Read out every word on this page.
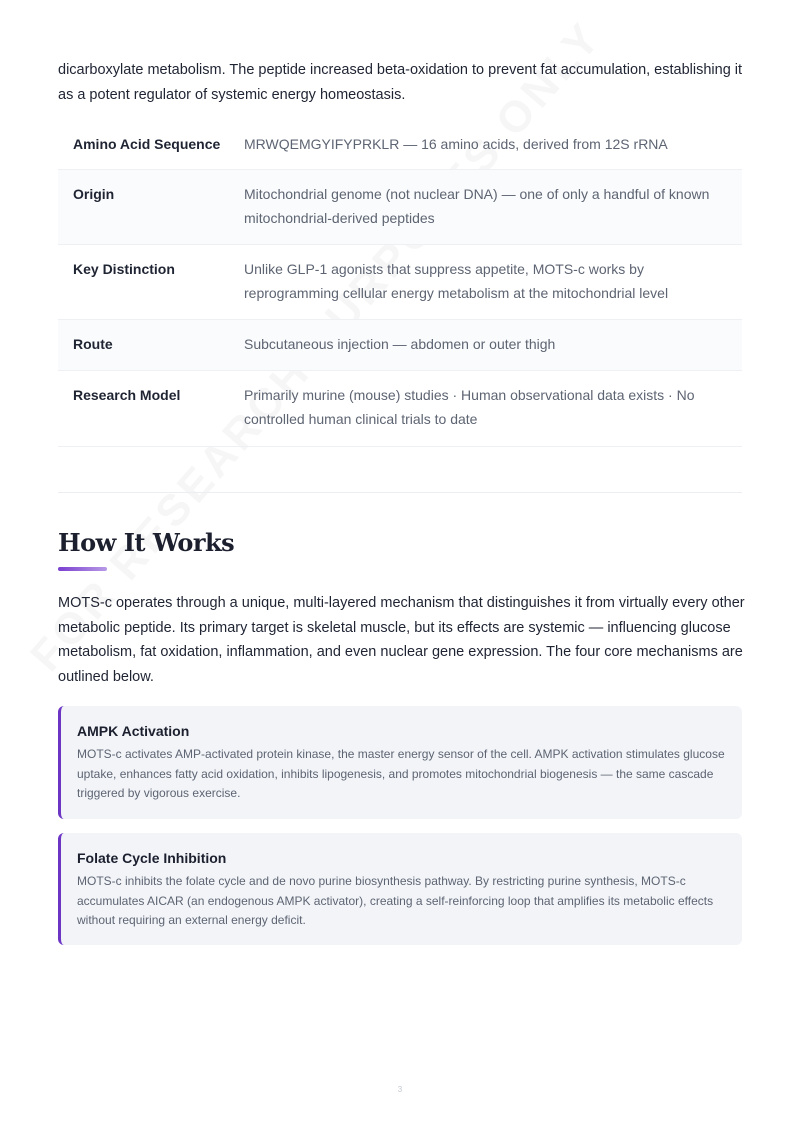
dicarboxylate metabolism. The peptide increased beta-oxidation to prevent fat accumulation, establishing it as a potent regulator of systemic energy homeostasis.

Amino Acid Sequence	MRWQEMGYIFYPRKLR — 16 amino acids, derived from 12S rRNA
Origin	Mitochondrial genome (not nuclear DNA) — one of only a handful of known mitochondrial-derived peptides
Key Distinction	Unlike GLP-1 agonists that suppress appetite, MOTS-c works by reprogramming cellular energy metabolism at the mitochondrial level
Route	Subcutaneous injection — abdomen or outer thigh
Research Model	Primarily murine (mouse) studies · Human observational data exists · No controlled human clinical trials to date
How It Works

MOTS-c operates through a unique, multi-layered mechanism that distinguishes it from virtually every other metabolic peptide. Its primary target is skeletal muscle, but its effects are systemic — influencing glucose metabolism, fat oxidation, inflammation, and even nuclear gene expression. The four core mechanisms are outlined below.

AMPK Activation

MOTS-c activates AMP-activated protein kinase, the master energy sensor of the cell. AMPK activation stimulates glucose uptake, enhances fatty acid oxidation, inhibits lipogenesis, and promotes mitochondrial biogenesis — the same cascade triggered by vigorous exercise.

Folate Cycle Inhibition

MOTS-c inhibits the folate cycle and de novo purine biosynthesis pathway. By restricting purine synthesis, MOTS-c accumulates AICAR (an endogenous AMPK activator), creating a self-reinforcing loop that amplifies its metabolic effects without requiring an external energy deficit.

3
